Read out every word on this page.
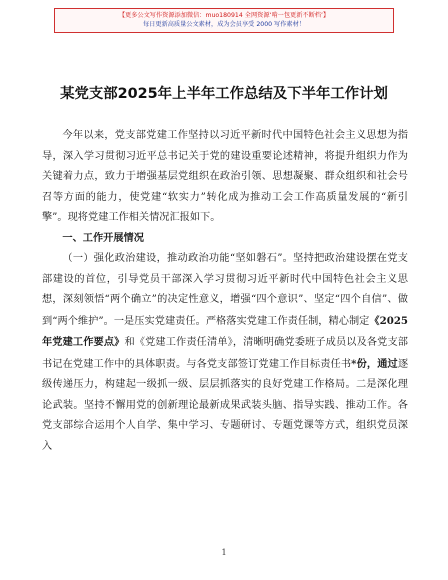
【更多公文写作资源添加微信：muo180914 全网资源‘啃一包更新不断档’】
每日更新高质量公文素材，成为会员享受 2000 写作素材！
某党支部2025年上半年工作总结及下半年工作计划

今年以来，党支部党建工作坚持以习近平新时代中国特色社会主义思想为指导，深入学习贯彻习近平总书记关于党的建设重要论述精神，将提升组织力作为关键着力点，致力于增强基层党组织在政治引领、思想凝聚、群众组织和社会号召等方面的能力，使党建“软实力”转化成为推动工会工作高质量发展的“新引擎”。现将党建工作相关情况汇报如下。

一、工作开展情况

（一）强化政治建设，推动政治功能“坚如磐石”。坚持把政治建设摆在党支部建设的首位，引导党员干部深入学习贯彻习近平新时代中国特色社会主义思想，深刻领悟“两个确立”的决定性意义，增强“四个意识”、坚定“四个自信”、做到“两个维护”。一是压实党建责任。严格落实党建工作责任制，精心制定《2025年党建工作要点》和《党建工作责任清单》，清晰明确党委班子成员以及各党支部书记在党建工作中的具体职责。与各党支部签订党建工作目标责任书*份，通过逐级传递压力，构建起一级抓一级、层层抓落实的良好党建工作格局。二是深化理论武装。坚持不懈用党的创新理论最新成果武装头脑、指导实践、推动工作。各党支部综合运用个人自学、集中学习、专题研讨、专题党课等方式，组织党员深入

1
